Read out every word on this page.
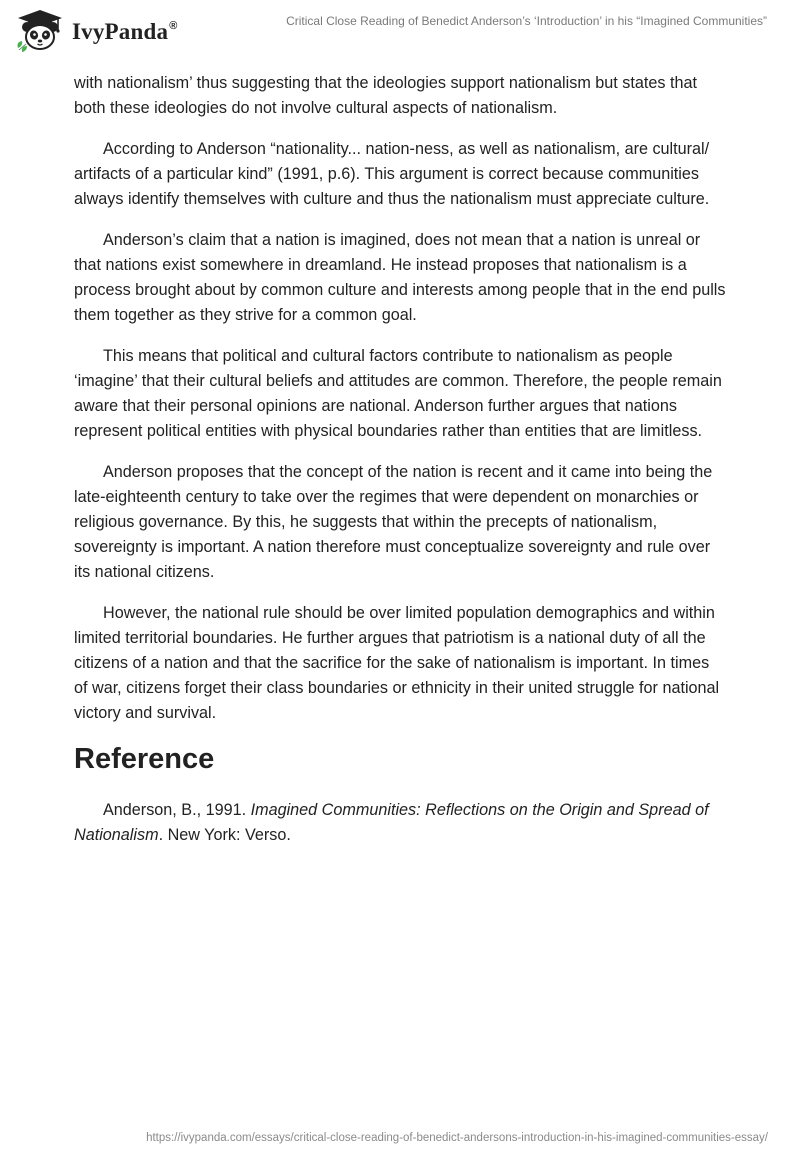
IvyPanda®	Critical Close Reading of Benedict Anderson’s ‘Introduction’ in his “Imagined Communities”

with nationalism’ thus suggesting that the ideologies support nationalism but states that both these ideologies do not involve cultural aspects of nationalism.

According to Anderson “nationality... nation-ness, as well as nationalism, are cultural/ artifacts of a particular kind” (1991, p.6). This argument is correct because communities always identify themselves with culture and thus the nationalism must appreciate culture.

Anderson’s claim that a nation is imagined, does not mean that a nation is unreal or that nations exist somewhere in dreamland. He instead proposes that nationalism is a process brought about by common culture and interests among people that in the end pulls them together as they strive for a common goal.

This means that political and cultural factors contribute to nationalism as people ‘imagine’ that their cultural beliefs and attitudes are common. Therefore, the people remain aware that their personal opinions are national. Anderson further argues that nations represent political entities with physical boundaries rather than entities that are limitless.

Anderson proposes that the concept of the nation is recent and it came into being the late-eighteenth century to take over the regimes that were dependent on monarchies or religious governance. By this, he suggests that within the precepts of nationalism, sovereignty is important. A nation therefore must conceptualize sovereignty and rule over its national citizens.

However, the national rule should be over limited population demographics and within limited territorial boundaries. He further argues that patriotism is a national duty of all the citizens of a nation and that the sacrifice for the sake of nationalism is important. In times of war, citizens forget their class boundaries or ethnicity in their united struggle for national victory and survival.

Reference

Anderson, B., 1991. Imagined Communities: Reflections on the Origin and Spread of Nationalism. New York: Verso.

https://ivypanda.com/essays/critical-close-reading-of-benedict-andersons-introduction-in-his-imagined-communities-essay/
